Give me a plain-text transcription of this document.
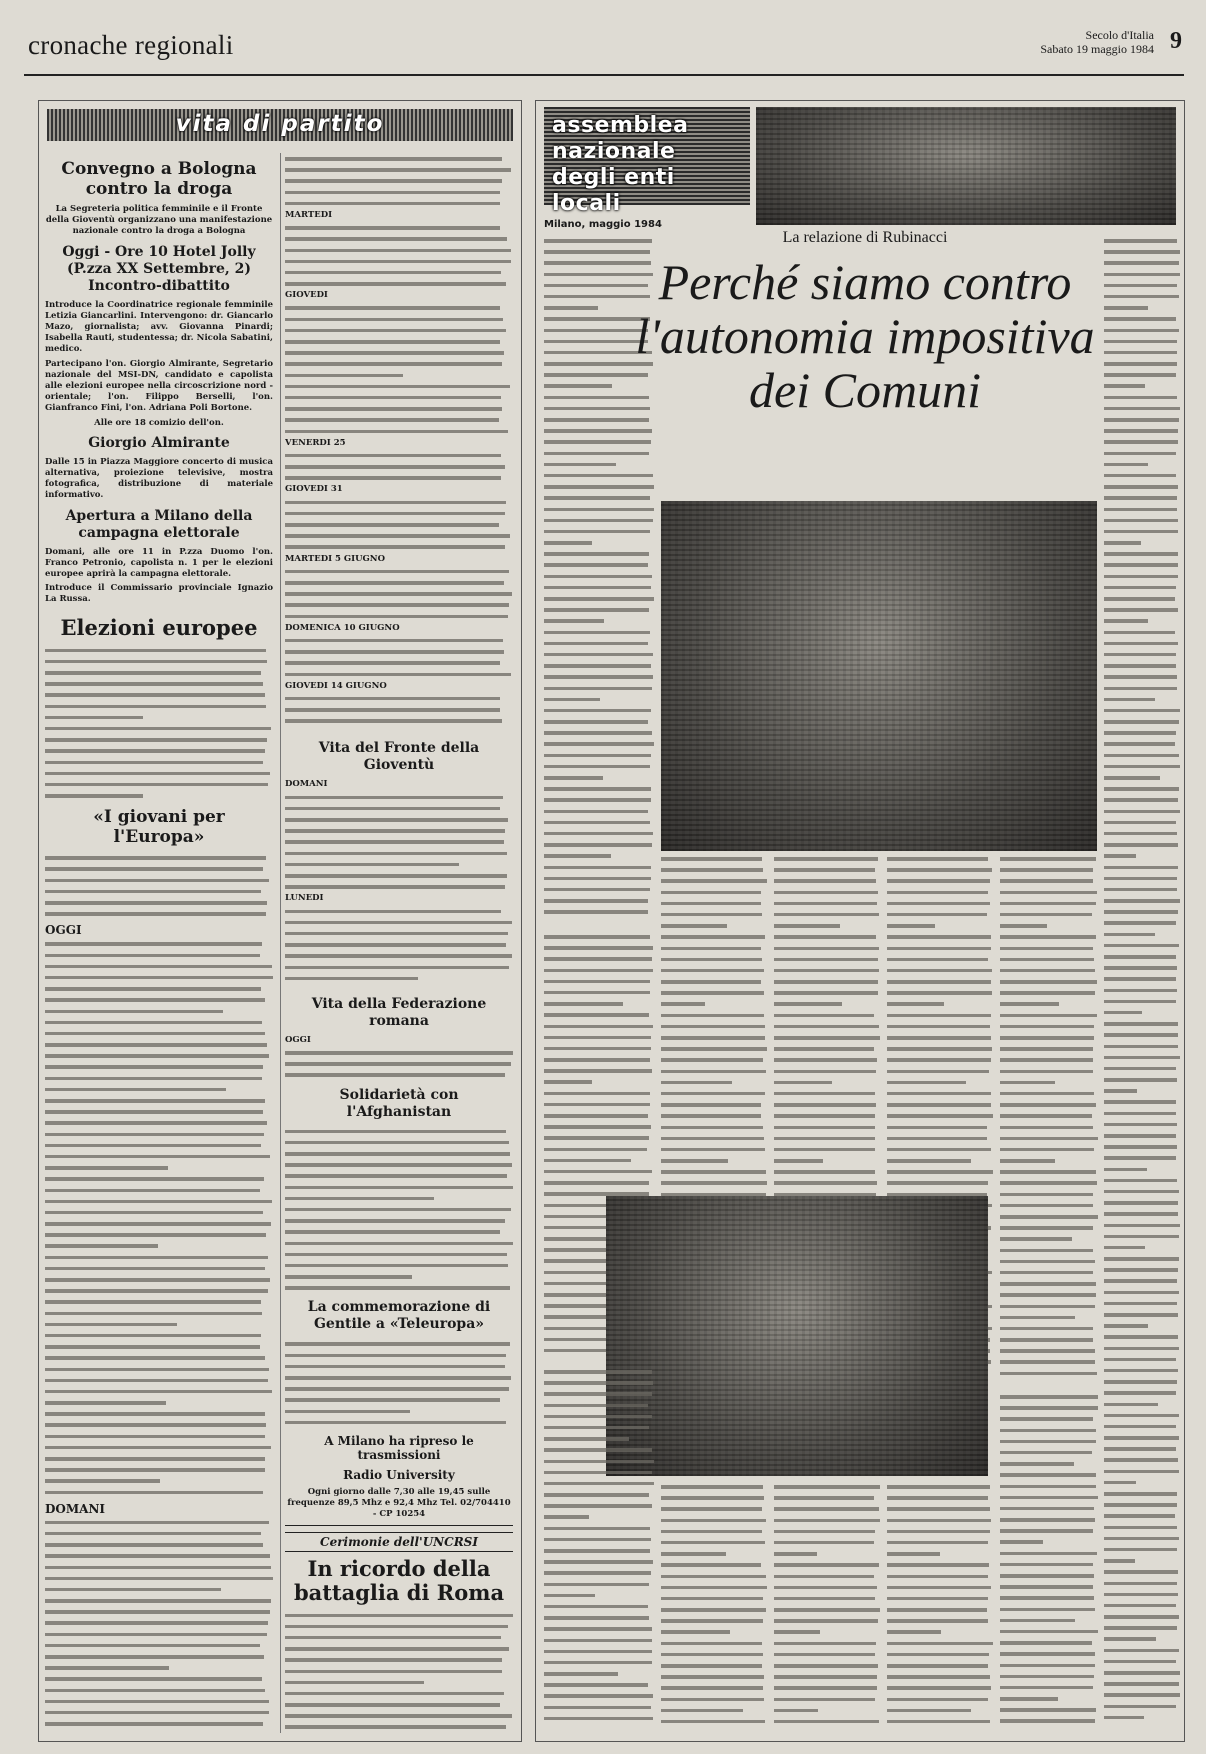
cronache regionali	Secolo d'Italia
Sabato 19 maggio 1984 9
vita di partito
Convegno a Bologna contro la droga

La Segreteria politica femminile e il Fronte della Gioventù organizzano una manifestazione nazionale contro la droga a Bologna

Oggi - Ore 10 Hotel Jolly (P.zza XX Settembre, 2) Incontro-dibattito

Introduce la Coordinatrice regionale femminile Letizia Giancarlini. Intervengono: dr. Giancarlo Mazo, giornalista; avv. Giovanna Pinardi; Isabella Rauti, studentessa; dr. Nicola Sabatini, medico.

Partecipano l'on. Giorgio Almirante, Segretario nazionale del MSI-DN, candidato e capolista alle elezioni europee nella circoscrizione nord - orientale; l'on. Filippo Berselli, l'on. Gianfranco Fini, l'on. Adriana Poli Bortone.

Alle ore 18 comizio dell'on.

Giorgio Almirante

Dalle 15 in Piazza Maggiore concerto di musica alternativa, proiezione televisive, mostra fotografica, distribuzione di materiale informativo.

Apertura a Milano della campagna elettorale

Domani, alle ore 11 in P.zza Duomo l'on. Franco Petronio, capolista n. 1 per le elezioni europee aprirà la campagna elettorale.

Introduce il Commissario provinciale Ignazio La Russa.

Elezioni europee
«I giovani per l'Europa»
OGGI
DOMANI
MARTEDI
GIOVEDI
VENERDI 25
GIOVEDI 31
MARTEDI 5 GIUGNO
DOMENICA 10 GIUGNO
GIOVEDI 14 GIUGNO
Vita del Fronte della Gioventù
DOMANI
LUNEDI
Vita della Federazione romana
OGGI
Solidarietà con l'Afghanistan
La commemorazione di Gentile a «Teleuropa»
A Milano ha ripreso le trasmissioni
Radio University
Ogni giorno dalle 7,30 alle 19,45 sulle frequenze 89,5 Mhz e 92,4 Mhz Tel. 02/704410 - CP 10254
Cerimonie dell'UNCRSI
In ricordo della battaglia di Roma
assemblea
nazionale
degli enti locali
Milano, maggio 1984
La relazione di Rubinacci
Perché siamo contro l'autonomia impositiva dei Comuni
